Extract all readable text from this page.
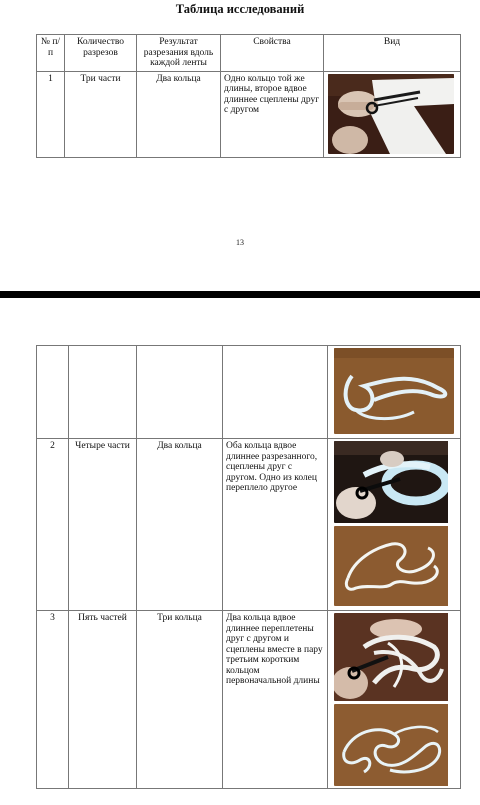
Таблица исследований
№ п/п	Количество разрезов	Результат разрезания вдоль каждой ленты	Свойства	Вид
1	Три части	Два кольца	Одно кольцо той же длины, второе вдвое длиннее сцеплены друг с другом	
13

2	Четыре части	Два кольца	Оба кольца вдвое длиннее разрезанного, сцеплены друг с другом. Одно из колец переплело другое	

3	Пять частей	Три кольца	Два кольца вдвое длиннее переплетены друг с другом и сцеплены вместе в пару третьим коротким кольцом первоначальной длины	
